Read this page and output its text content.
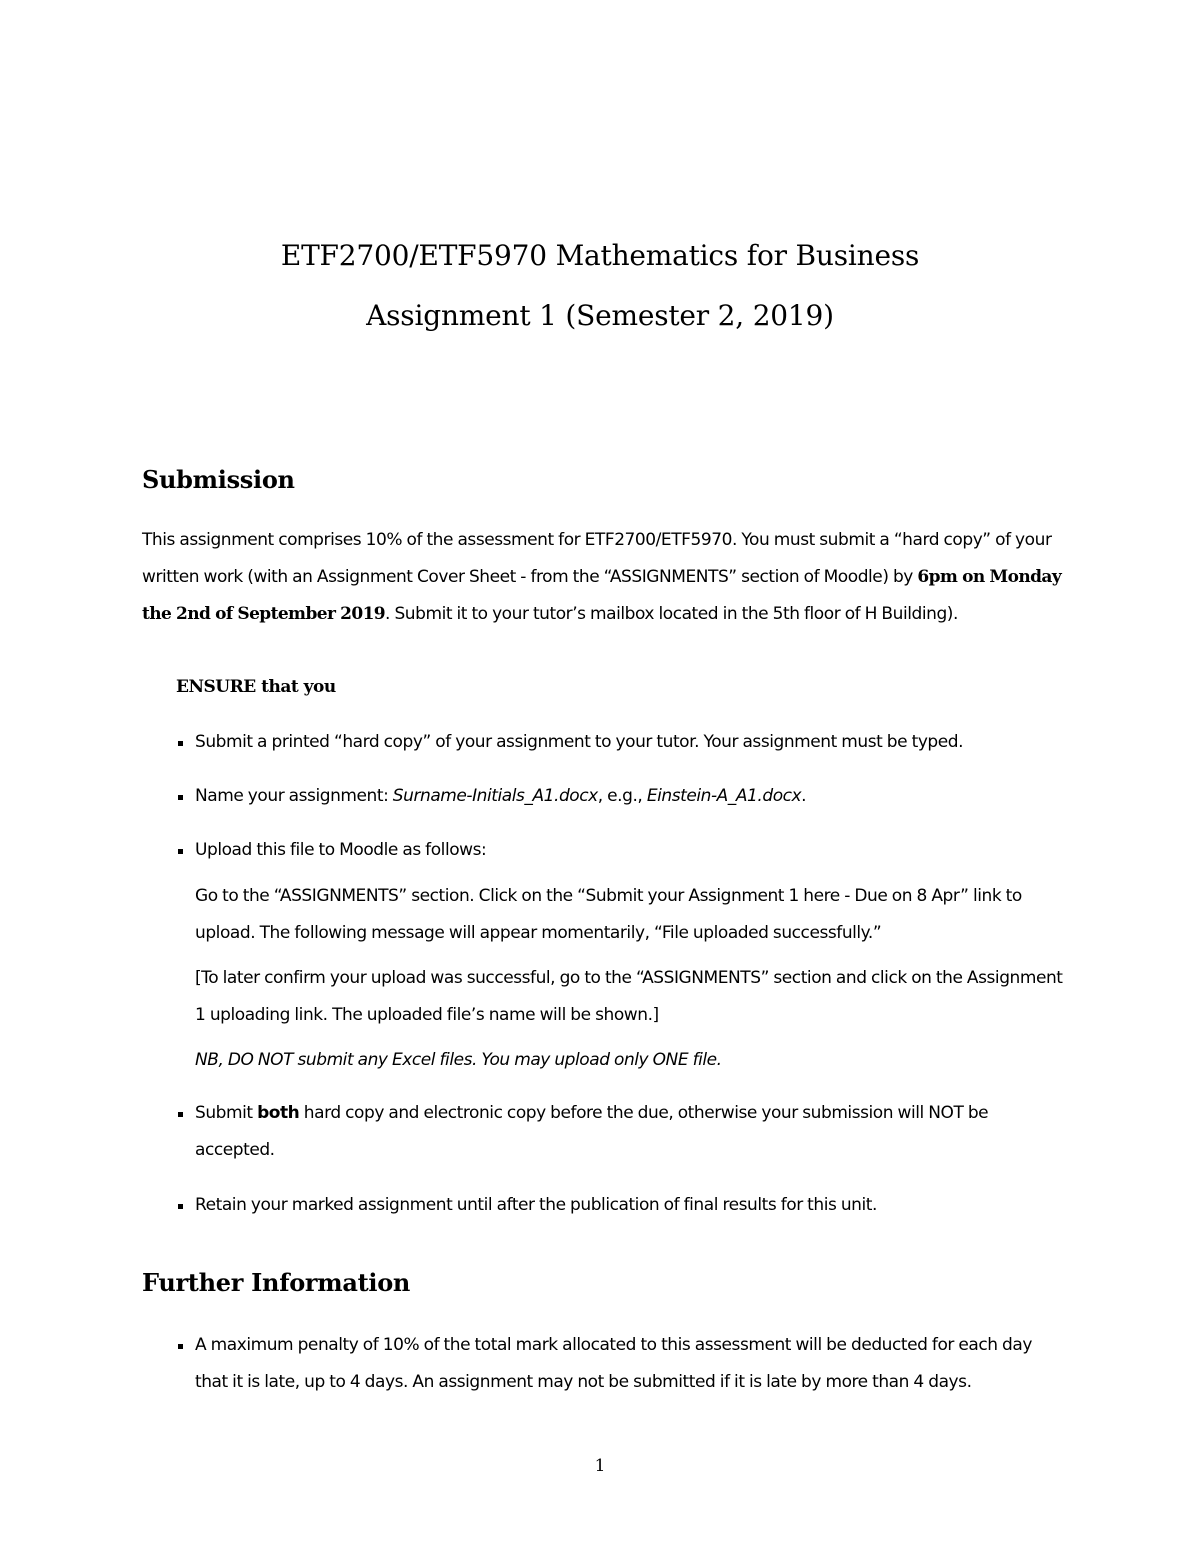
ETF2700/ETF5970 Mathematics for Business
Assignment 1 (Semester 2, 2019)
Submission
This assignment comprises 10% of the assessment for ETF2700/ETF5970. You must submit a “hard copy” of your written work (with an Assignment Cover Sheet - from the “ASSIGNMENTS” section of Moodle) by 6pm on Monday the 2nd of September 2019. Submit it to your tutor’s mailbox located in the 5th floor of H Building).
ENSURE that you
Submit a printed “hard copy” of your assignment to your tutor. Your assignment must be typed.
Name your assignment: Surname-Initials_A1.docx, e.g., Einstein-A_A1.docx.
Upload this file to Moodle as follows:
Go to the “ASSIGNMENTS” section. Click on the “Submit your Assignment 1 here - Due on 8 Apr” link to upload. The following message will appear momentarily, “File uploaded successfully.”
[To later confirm your upload was successful, go to the “ASSIGNMENTS” section and click on the Assignment 1 uploading link. The uploaded file’s name will be shown.]
NB, DO NOT submit any Excel files. You may upload only ONE file.
Submit both hard copy and electronic copy before the due, otherwise your submission will NOT be accepted.
Retain your marked assignment until after the publication of final results for this unit.
Further Information
A maximum penalty of 10% of the total mark allocated to this assessment will be deducted for each day that it is late, up to 4 days. An assignment may not be submitted if it is late by more than 4 days.
1
